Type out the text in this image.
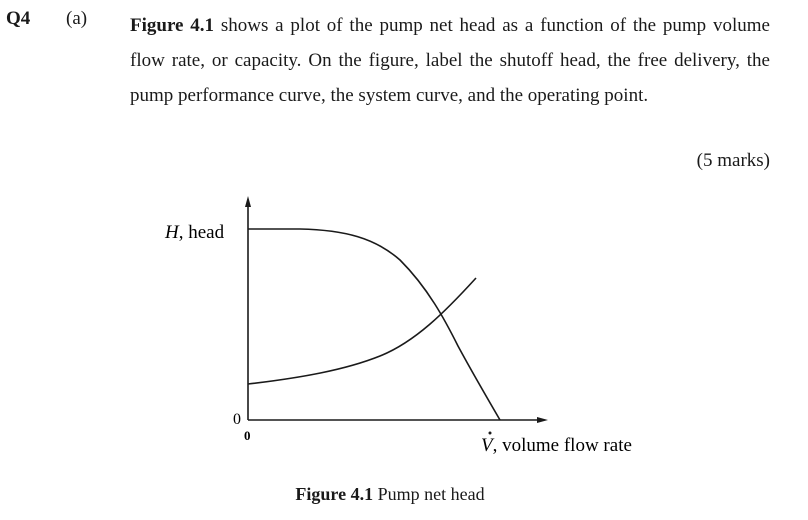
Q4 (a) Figure 4.1 shows a plot of the pump net head as a function of the pump volume flow rate, or capacity. On the figure, label the shutoff head, the free delivery, the pump performance curve, the system curve, and the operating point.
(5 marks)
H, head
0
0	V, volume flow rate
Figure 4.1 Pump net head
